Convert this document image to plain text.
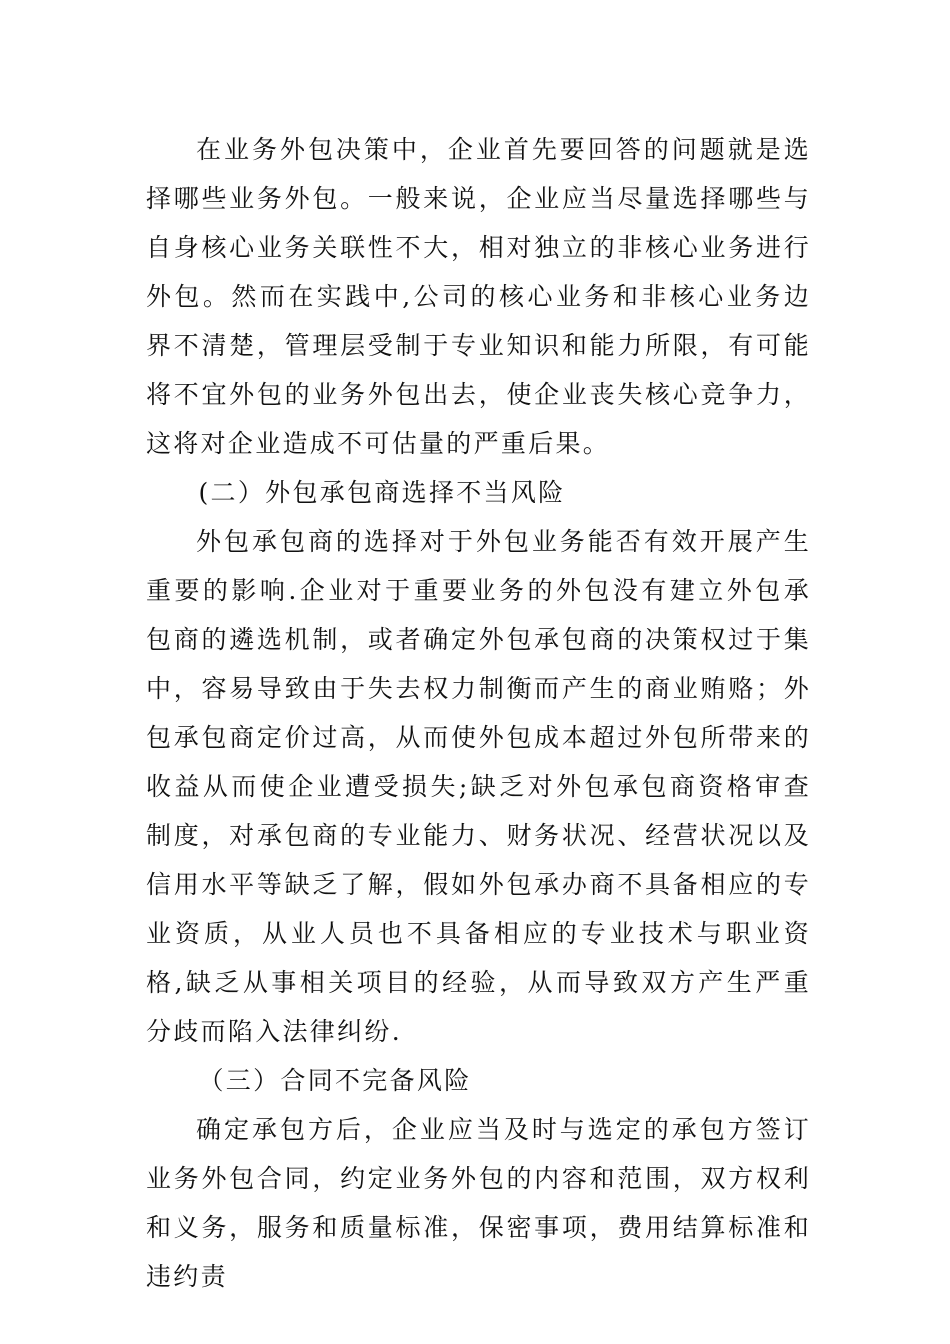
在业务外包决策中，企业首先要回答的问题就是选择哪些业务外包。一般来说，企业应当尽量选择哪些与自身核心业务关联性不大，相对独立的非核心业务进行外包。然而在实践中,公司的核心业务和非核心业务边界不清楚，管理层受制于专业知识和能力所限，有可能将不宜外包的业务外包出去，使企业丧失核心竞争力，这将对企业造成不可估量的严重后果。

(二）外包承包商选择不当风险

外包承包商的选择对于外包业务能否有效开展产生重要的影响.企业对于重要业务的外包没有建立外包承包商的遴选机制，或者确定外包承包商的决策权过于集中，容易导致由于失去权力制衡而产生的商业贿赂；外包承包商定价过高，从而使外包成本超过外包所带来的收益从而使企业遭受损失;缺乏对外包承包商资格审查制度，对承包商的专业能力、财务状况、经营状况以及信用水平等缺乏了解，假如外包承办商不具备相应的专业资质，从业人员也不具备相应的专业技术与职业资格,缺乏从事相关项目的经验，从而导致双方产生严重分歧而陷入法律纠纷.

（三）合同不完备风险

确定承包方后，企业应当及时与选定的承包方签订业务外包合同，约定业务外包的内容和范围，双方权利和义务，服务和质量标准，保密事项，费用结算标准和违约责
